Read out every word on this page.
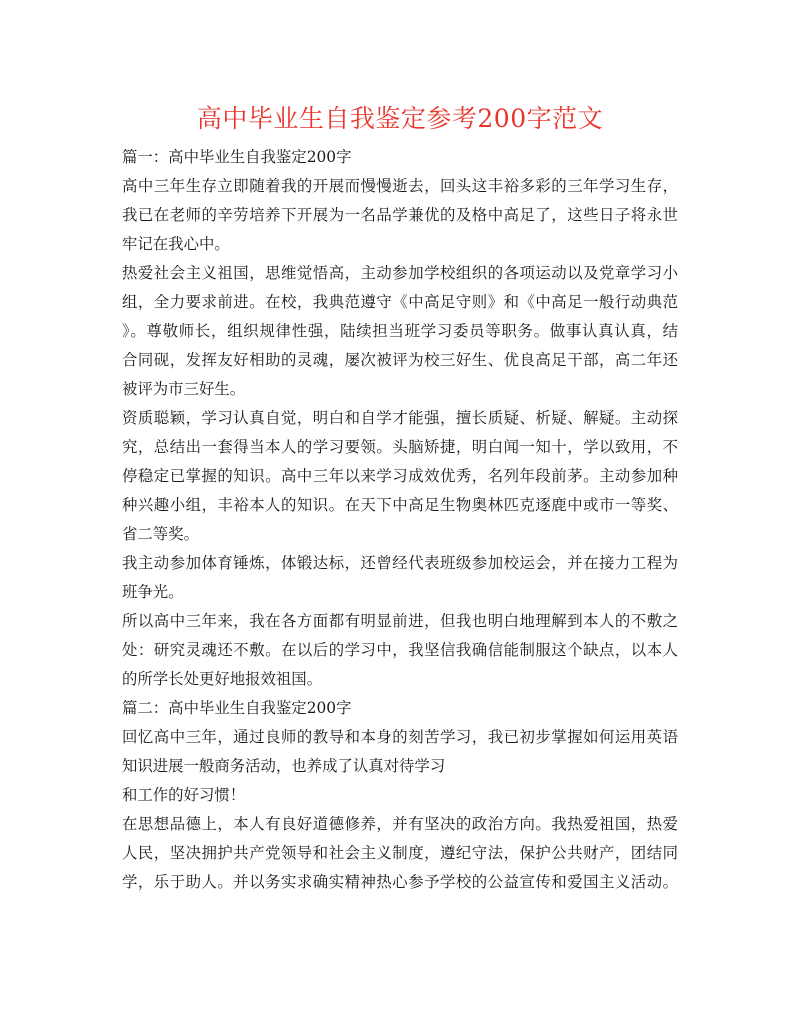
高中毕业生自我鉴定参考200字范文
篇一：高中毕业生自我鉴定200字
高中三年生存立即随着我的开展而慢慢逝去，回头这丰裕多彩的三年学习生存，
我已在老师的辛劳培养下开展为一名品学兼优的及格中高足了，这些日子将永世
牢记在我心中。
热爱社会主义祖国，思维觉悟高，主动参加学校组织的各项运动以及党章学习小
组，全力要求前进。在校，我典范遵守《中高足守则》和《中高足一般行动典范
》。尊敬师长，组织规律性强，陆续担当班学习委员等职务。做事认真认真，结
合同砚，发挥友好相助的灵魂，屡次被评为校三好生、优良高足干部，高二年还
被评为市三好生。
资质聪颖，学习认真自觉，明白和自学才能强，擅长质疑、析疑、解疑。主动探
究，总结出一套得当本人的学习要领。头脑矫捷，明白闻一知十，学以致用，不
停稳定已掌握的知识。高中三年以来学习成效优秀，名列年段前茅。主动参加种
种兴趣小组，丰裕本人的知识。在天下中高足生物奥林匹克逐鹿中或市一等奖、
省二等奖。
我主动参加体育锤炼，体锻达标，还曾经代表班级参加校运会，并在接力工程为
班争光。
所以高中三年来，我在各方面都有明显前进，但我也明白地理解到本人的不敷之
处：研究灵魂还不敷。在以后的学习中，我坚信我确信能制服这个缺点，以本人
的所学长处更好地报效祖国。
篇二：高中毕业生自我鉴定200字
回忆高中三年，通过良师的教导和本身的刻苦学习，我已初步掌握如何运用英语
知识进展一般商务活动，也养成了认真对待学习
和工作的好习惯！
在思想品德上，本人有良好道德修养，并有坚决的政治方向。我热爱祖国，热爱
人民，坚决拥护共产党领导和社会主义制度，遵纪守法，保护公共财产，团结同
学，乐于助人。并以务实求确实精神热心参予学校的公益宣传和爱国主义活动。
